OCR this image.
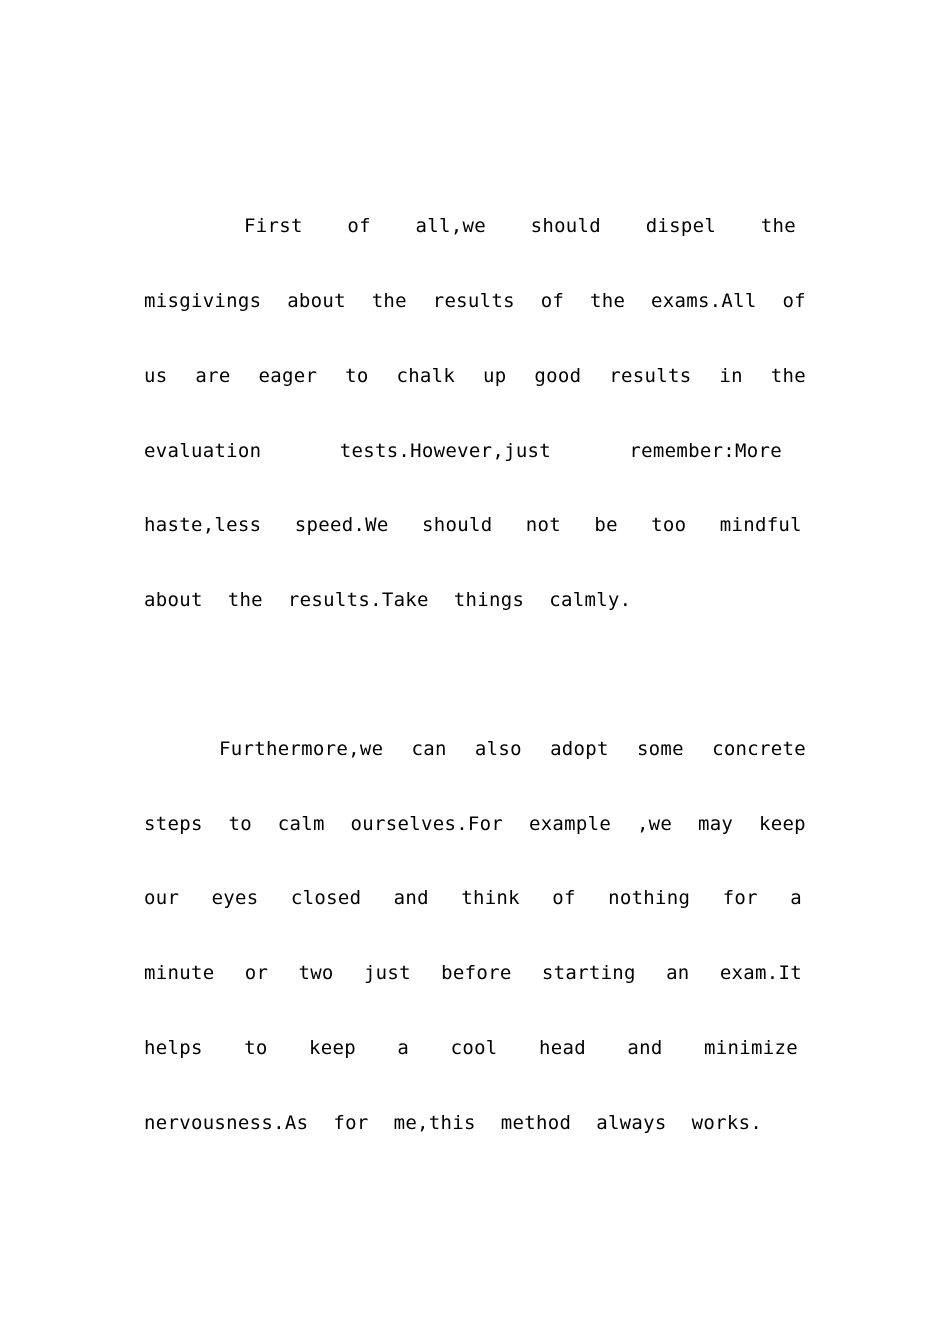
First of all,we should dispel the
misgivings about the results of the exams.All of
us are eager to chalk up good results in the
evaluation	tests.However,just	remember:More
haste,less speed.We should not be too mindful
about the results.Take things calmly.
Furthermore,we can also adopt some concrete
steps to calm ourselves.For example ,we may keep
our eyes closed and think of nothing for a
minute or two just before starting an exam.It
helps to keep a cool head and minimize
nervousness.As for me,this method always works.
